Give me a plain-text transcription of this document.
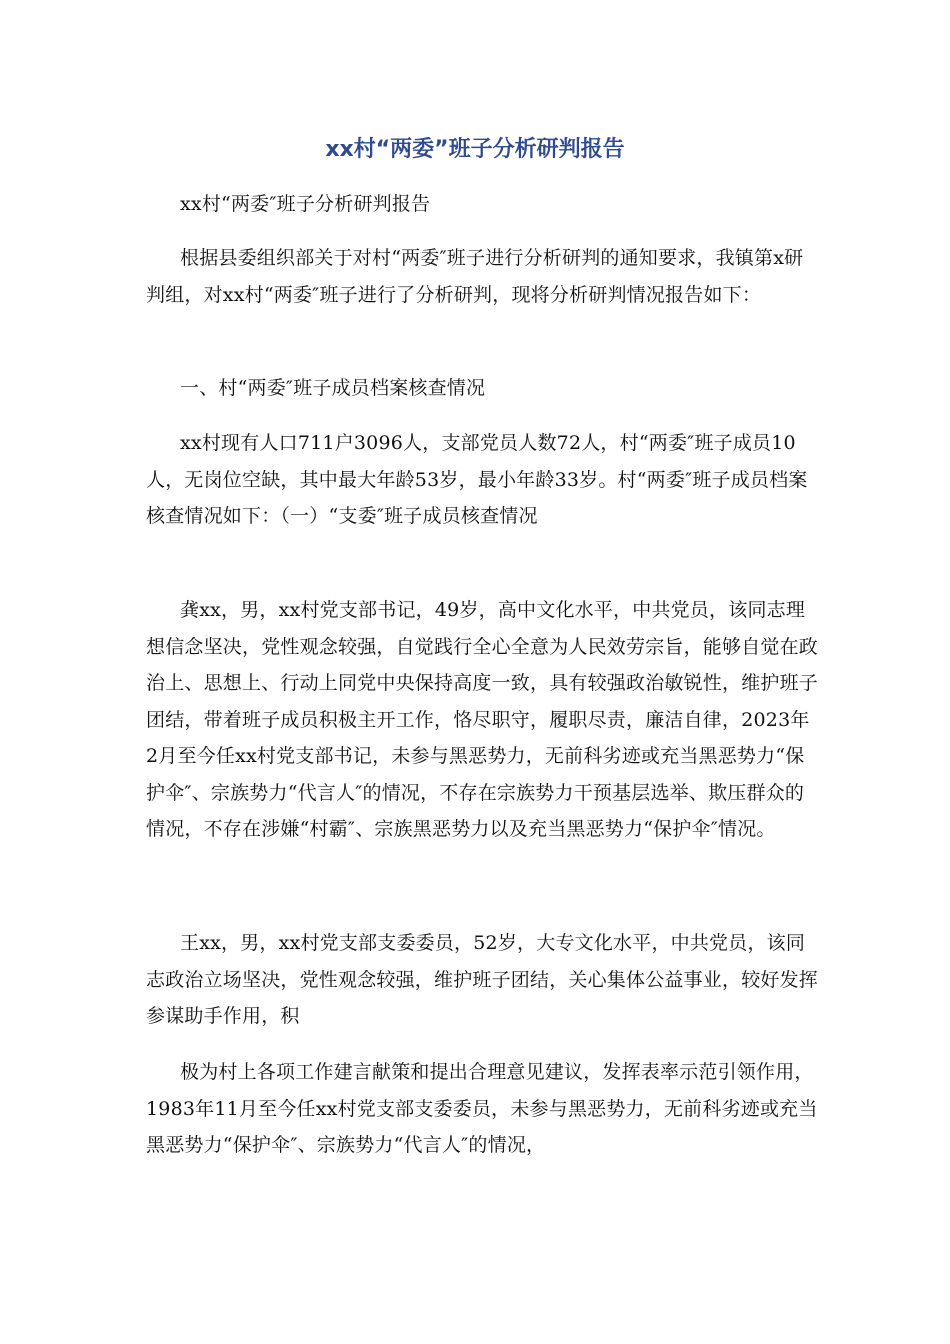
xx村“两委”班子分析研判报告

xx村“两委″班子分析研判报告

根据县委组织部关于对村“两委″班子进行分析研判的通知要求，我镇第x研判组，对xx村“两委″班子进行了分析研判，现将分析研判情况报告如下：

一、村“两委″班子成员档案核查情况

xx村现有人口711户3096人，支部党员人数72人，村“两委″班子成员10人，无岗位空缺，其中最大年龄53岁，最小年龄33岁。村“两委″班子成员档案核查情况如下：（一）“支委″班子成员核查情况

龚xx，男，xx村党支部书记，49岁，高中文化水平，中共党员，该同志理想信念坚决，党性观念较强，自觉践行全心全意为人民效劳宗旨，能够自觉在政治上、思想上、行动上同党中央保持高度一致，具有较强政治敏锐性，维护班子团结，带着班子成员积极主开工作，恪尽职守，履职尽责，廉洁自律，2023年2月至今任xx村党支部书记，未参与黑恶势力，无前科劣迹或充当黑恶势力“保护伞″、宗族势力“代言人″的情况，不存在宗族势力干预基层选举、欺压群众的情况，不存在涉嫌“村霸″、宗族黑恶势力以及充当黑恶势力“保护伞″情况。

王xx，男，xx村党支部支委委员，52岁，大专文化水平，中共党员，该同志政治立场坚决，党性观念较强，维护班子团结，关心集体公益事业，较好发挥参谋助手作用，积

极为村上各项工作建言献策和提出合理意见建议，发挥表率示范引领作用，1983年11月至今任xx村党支部支委委员，未参与黑恶势力，无前科劣迹或充当黑恶势力“保护伞″、宗族势力“代言人″的情况，
